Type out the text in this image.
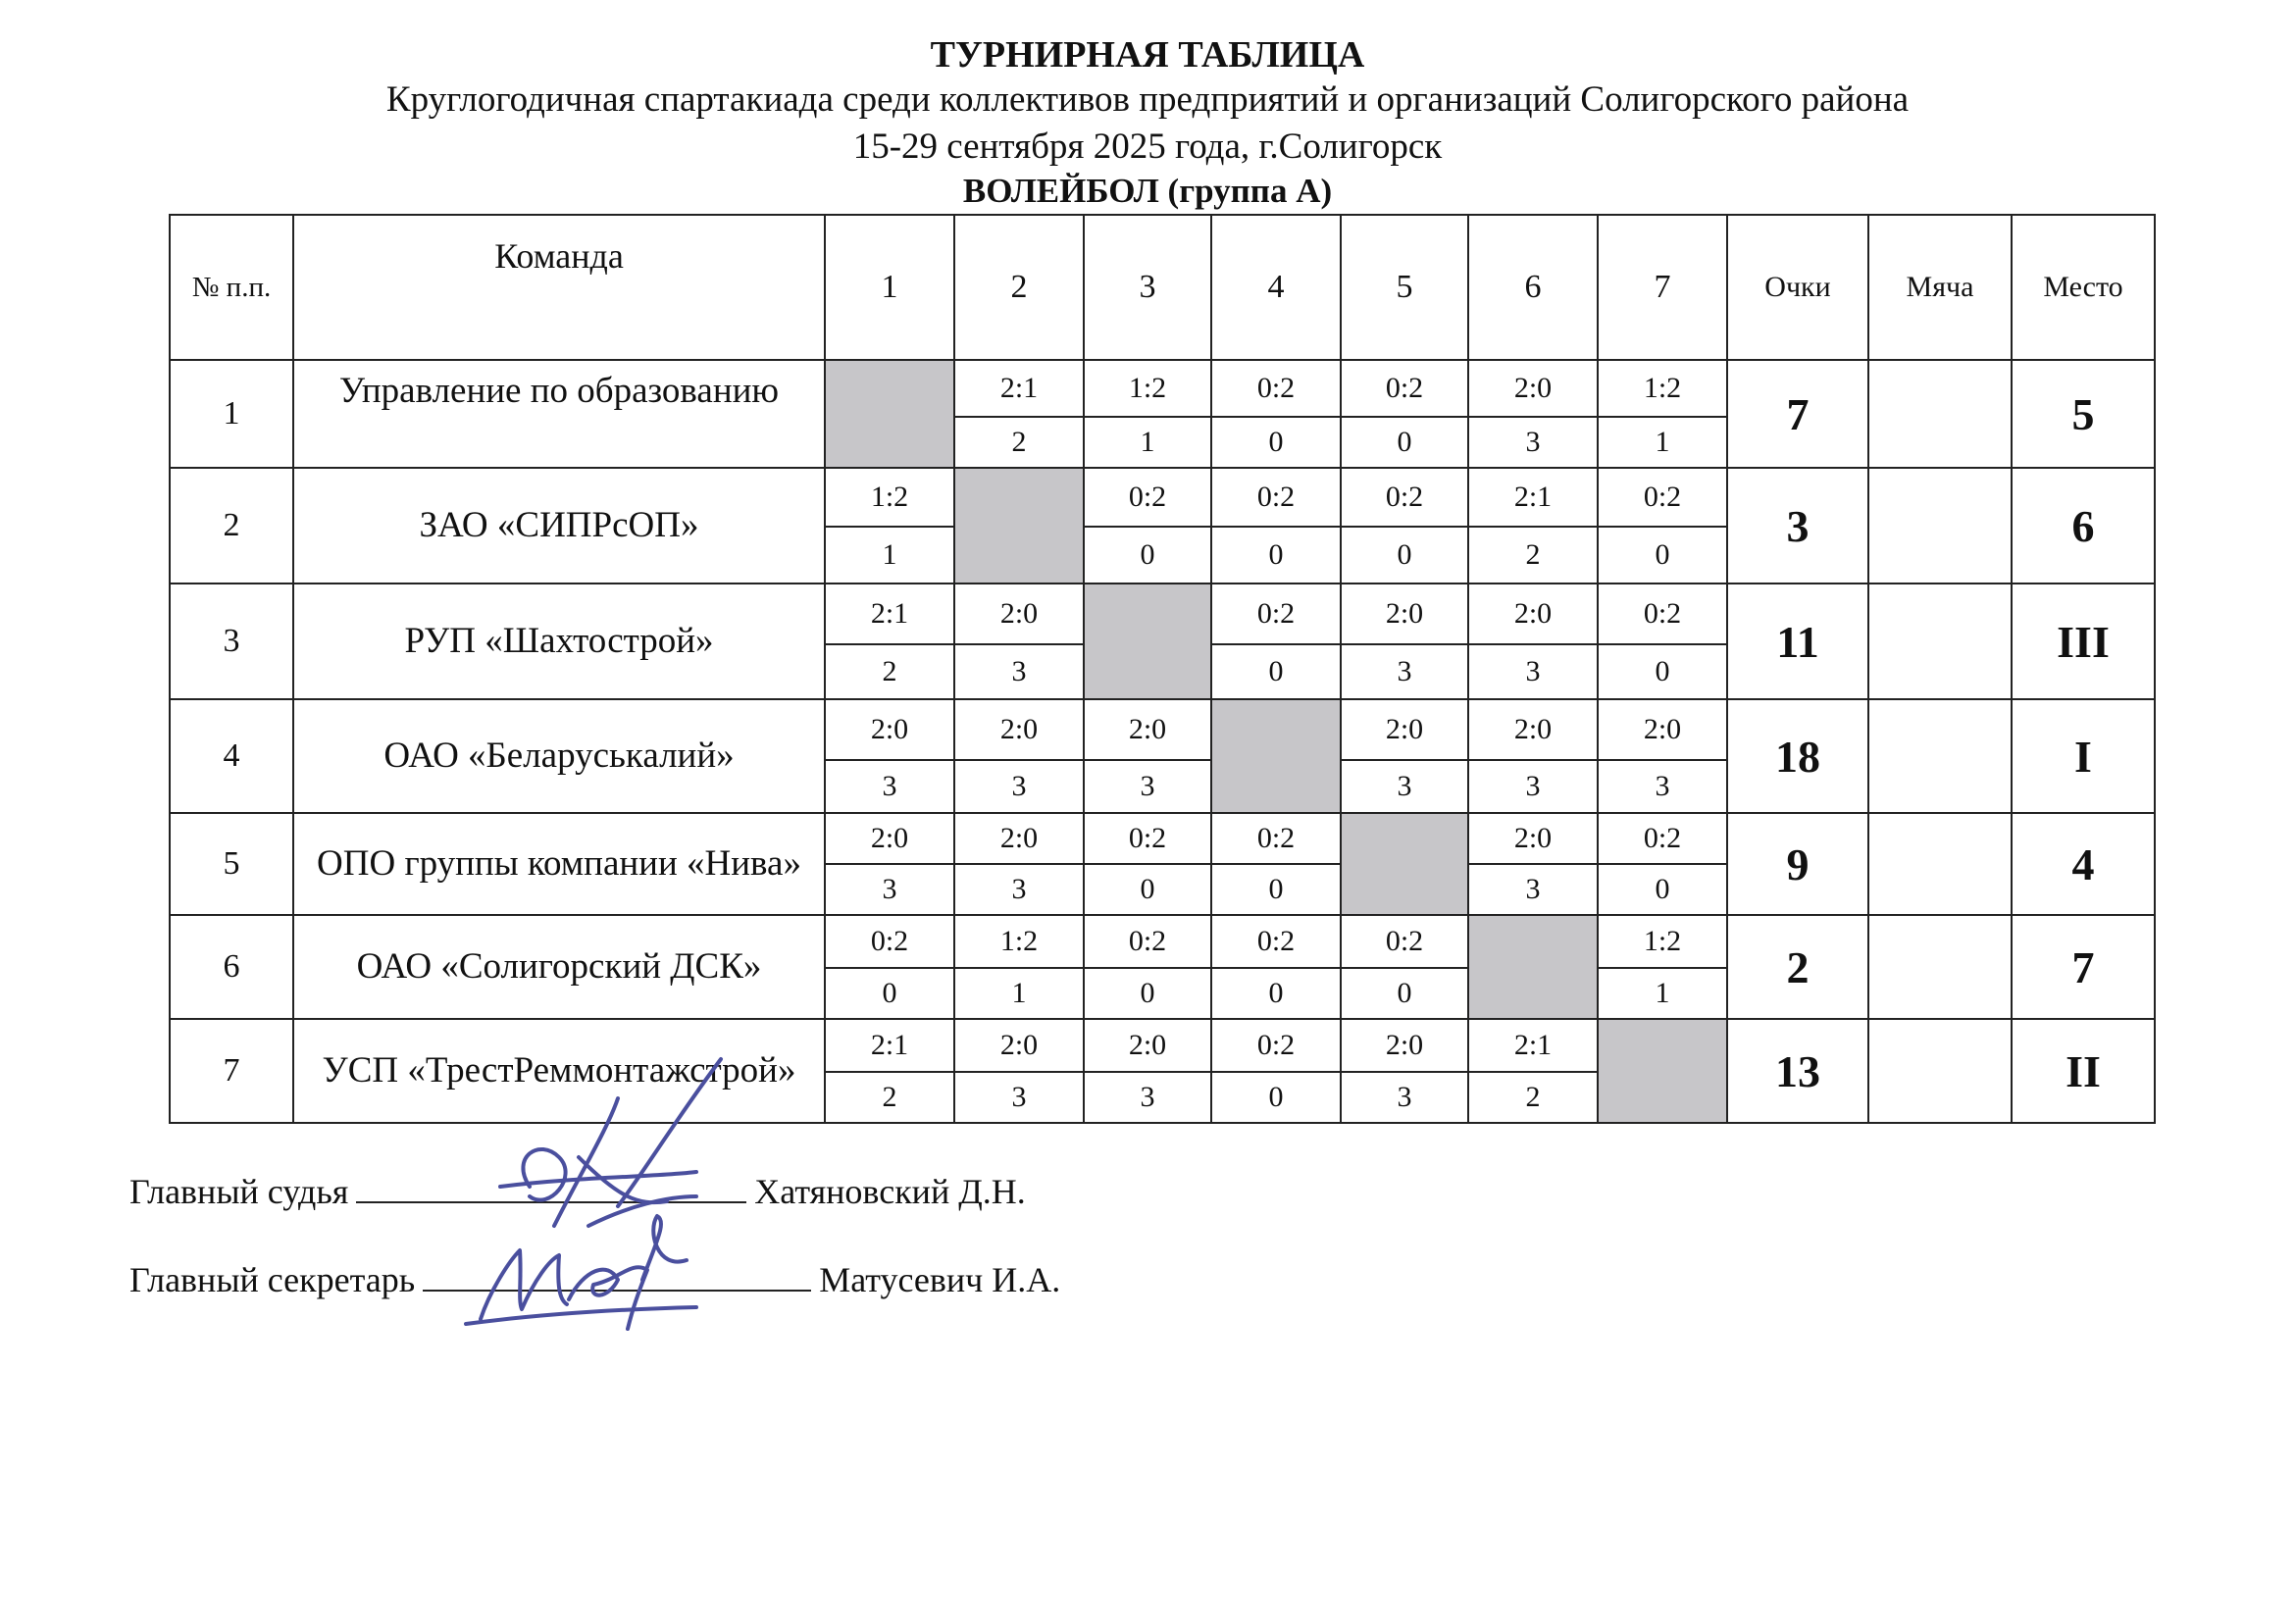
ТУРНИРНАЯ ТАБЛИЦА
Круглогодичная спартакиада среди коллективов предприятий и организаций Солигорского района
15-29 сентября 2025 года, г.Солигорск
ВОЛЕЙБОЛ (группа А)
№ п.п.	Команда	1	2	3	4	5	6	7	Очки	Мяча	Место
1	Управление по образованию		2:1	1:2	0:2	0:2	2:0	1:2	7		5
			2	1	0	0	3	1			
2	ЗАО «СИПРсОП»	1:2		0:2	0:2	0:2	2:1	0:2	3		6
		1		0	0	0	2	0			
3	РУП «Шахтострой»	2:1	2:0		0:2	2:0	2:0	0:2	11		III
		2	3		0	3	3	0			
4	ОАО «Беларуськалий»	2:0	2:0	2:0		2:0	2:0	2:0	18		I
		3	3	3		3	3	3			
5	ОПО группы компании «Нива»	2:0	2:0	0:2	0:2		2:0	0:2	9		4
		3	3	0	0		3	0			
6	ОАО «Солигорский ДСК»	0:2	1:2	0:2	0:2	0:2		1:2	2		7
		0	1	0	0	0		1			
7	УСП «ТрестРеммонтажстрой»	2:1	2:0	2:0	0:2	2:0	2:1		13		II
		2	3	3	0	3	2				
Главный судья	Хатяновский Д.Н.
Главный секретарь	Матусевич И.А.
